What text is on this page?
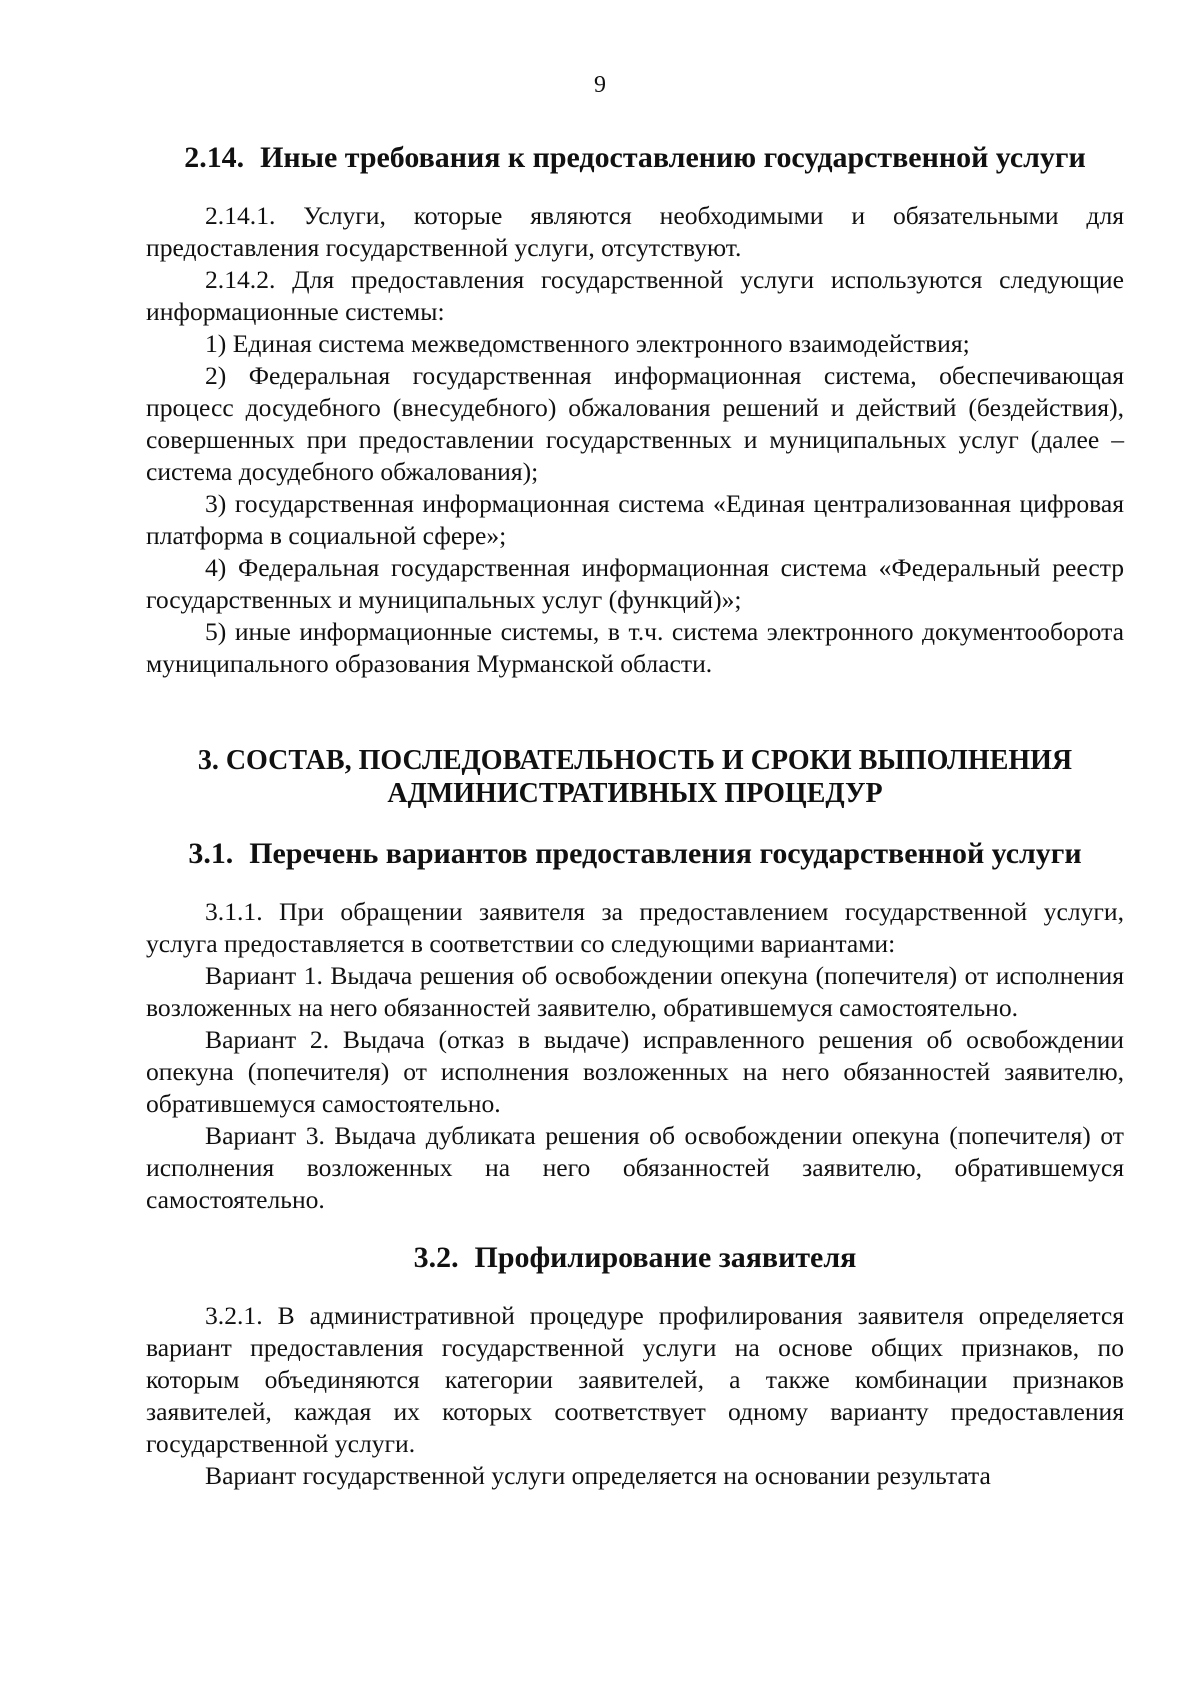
9
2.14. Иные требования к предоставлению государственной услуги

2.14.1. Услуги, которые являются необходимыми и обязательными для предоставления государственной услуги, отсутствуют.

2.14.2. Для предоставления государственной услуги используются следующие информационные системы:

1) Единая система межведомственного электронного взаимодействия;

2) Федеральная государственная информационная система, обеспечивающая процесс досудебного (внесудебного) обжалования решений и действий (бездействия), совершенных при предоставлении государственных и муниципальных услуг (далее – система досудебного обжалования);

3) государственная информационная система «Единая централизованная цифровая платформа в социальной сфере»;

4) Федеральная государственная информационная система «Федеральный реестр государственных и муниципальных услуг (функций)»;

5) иные информационные системы, в т.ч. система электронного документооборота муниципального образования Мурманской области.

3. СОСТАВ, ПОСЛЕДОВАТЕЛЬНОСТЬ И СРОКИ ВЫПОЛНЕНИЯ
АДМИНИСТРАТИВНЫХ ПРОЦЕДУР
3.1. Перечень вариантов предоставления государственной услуги

3.1.1. При обращении заявителя за предоставлением государственной услуги, услуга предоставляется в соответствии со следующими вариантами:

Вариант 1. Выдача решения об освобождении опекуна (попечителя) от исполнения возложенных на него обязанностей заявителю, обратившемуся самостоятельно.

Вариант 2. Выдача (отказ в выдаче) исправленного решения об освобождении опекуна (попечителя) от исполнения возложенных на него обязанностей заявителю, обратившемуся самостоятельно.

Вариант 3. Выдача дубликата решения об освобождении опекуна (попечителя) от исполнения возложенных на него обязанностей заявителю, обратившемуся самостоятельно.

3.2. Профилирование заявителя

3.2.1. В административной процедуре профилирования заявителя определяется вариант предоставления государственной услуги на основе общих признаков, по которым объединяются категории заявителей, а также комбинации признаков заявителей, каждая их которых соответствует одному варианту предоставления государственной услуги.

Вариант государственной услуги определяется на основании результата
